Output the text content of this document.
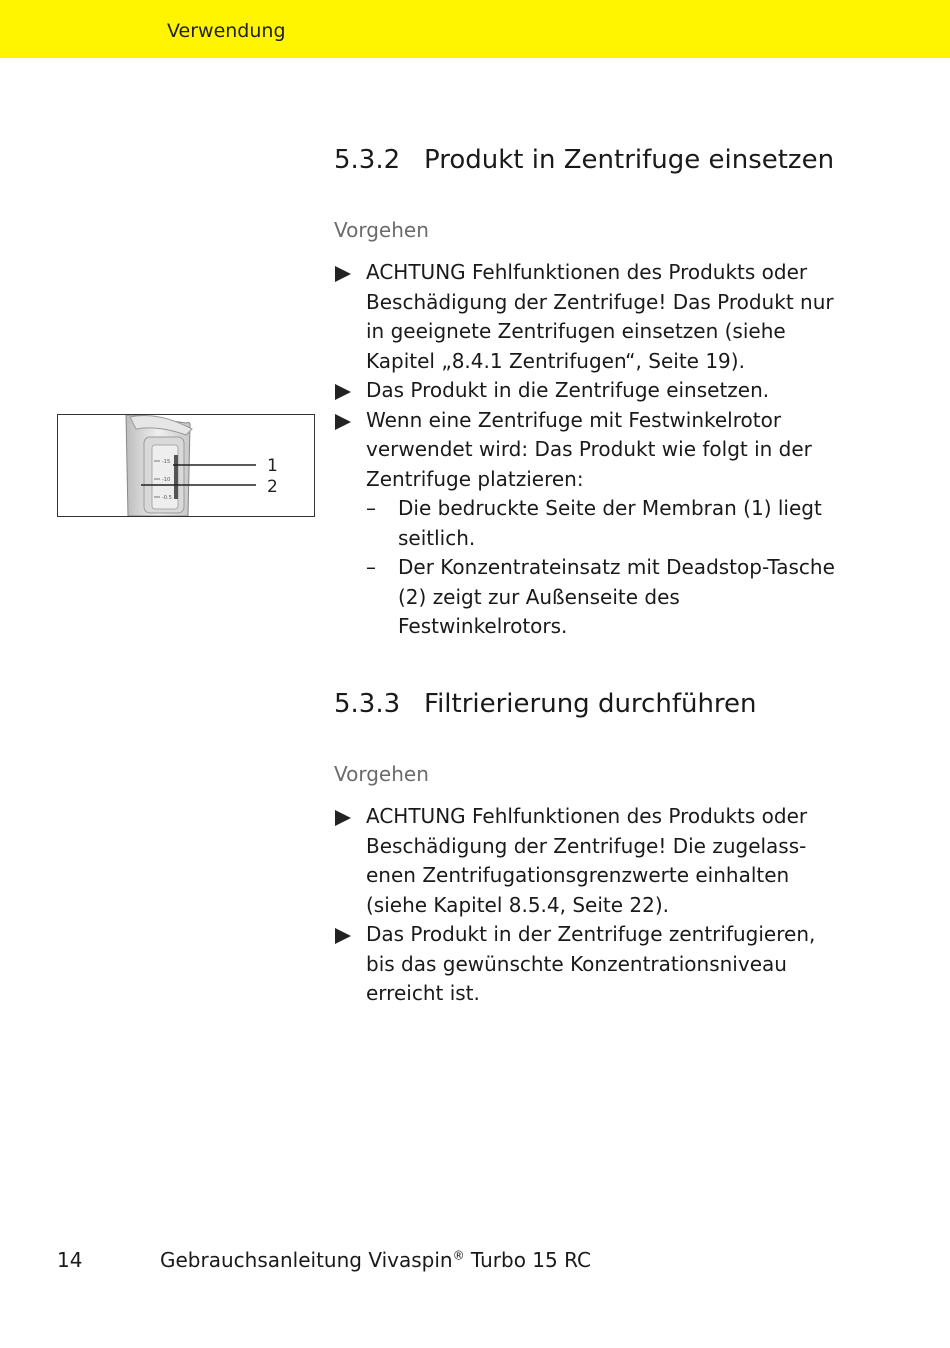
Verwendung
5.3.2 Produkt in Zentrifuge einsetzen
Vorgehen
ACHTUNG Fehlfunktionen des Produkts oder Beschädigung der Zentrifuge! Das Produkt nur in geeignete Zentrifugen einsetzen (siehe Kapitel „8.4.1 Zentrifugen“, Seite 19).
Das Produkt in die Zentrifuge einsetzen.
Wenn eine Zentrifuge mit Festwinkelrotor verwendet wird: Das Produkt wie folgt in der Zentrifuge platzieren:
– Die bedruckte Seite der Membran (1) liegt seitlich.
– Der Konzentrateinsatz mit Deadstop-Tasche (2) zeigt zur Außenseite des Festwinkelrotors.
-15
-10
-0.5
1
2
5.3.3 Filtrierierung durchführen
Vorgehen
ACHTUNG Fehlfunktionen des Produkts oder Beschädigung der Zentrifuge! Die zugelass-enen Zentrifugationsgrenzwerte einhalten (siehe Kapitel 8.5.4, Seite 22).
Das Produkt in der Zentrifuge zentrifugieren, bis das gewünschte Konzentrationsniveau erreicht ist.
14	Gebrauchsanleitung Vivaspin® Turbo 15 RC
